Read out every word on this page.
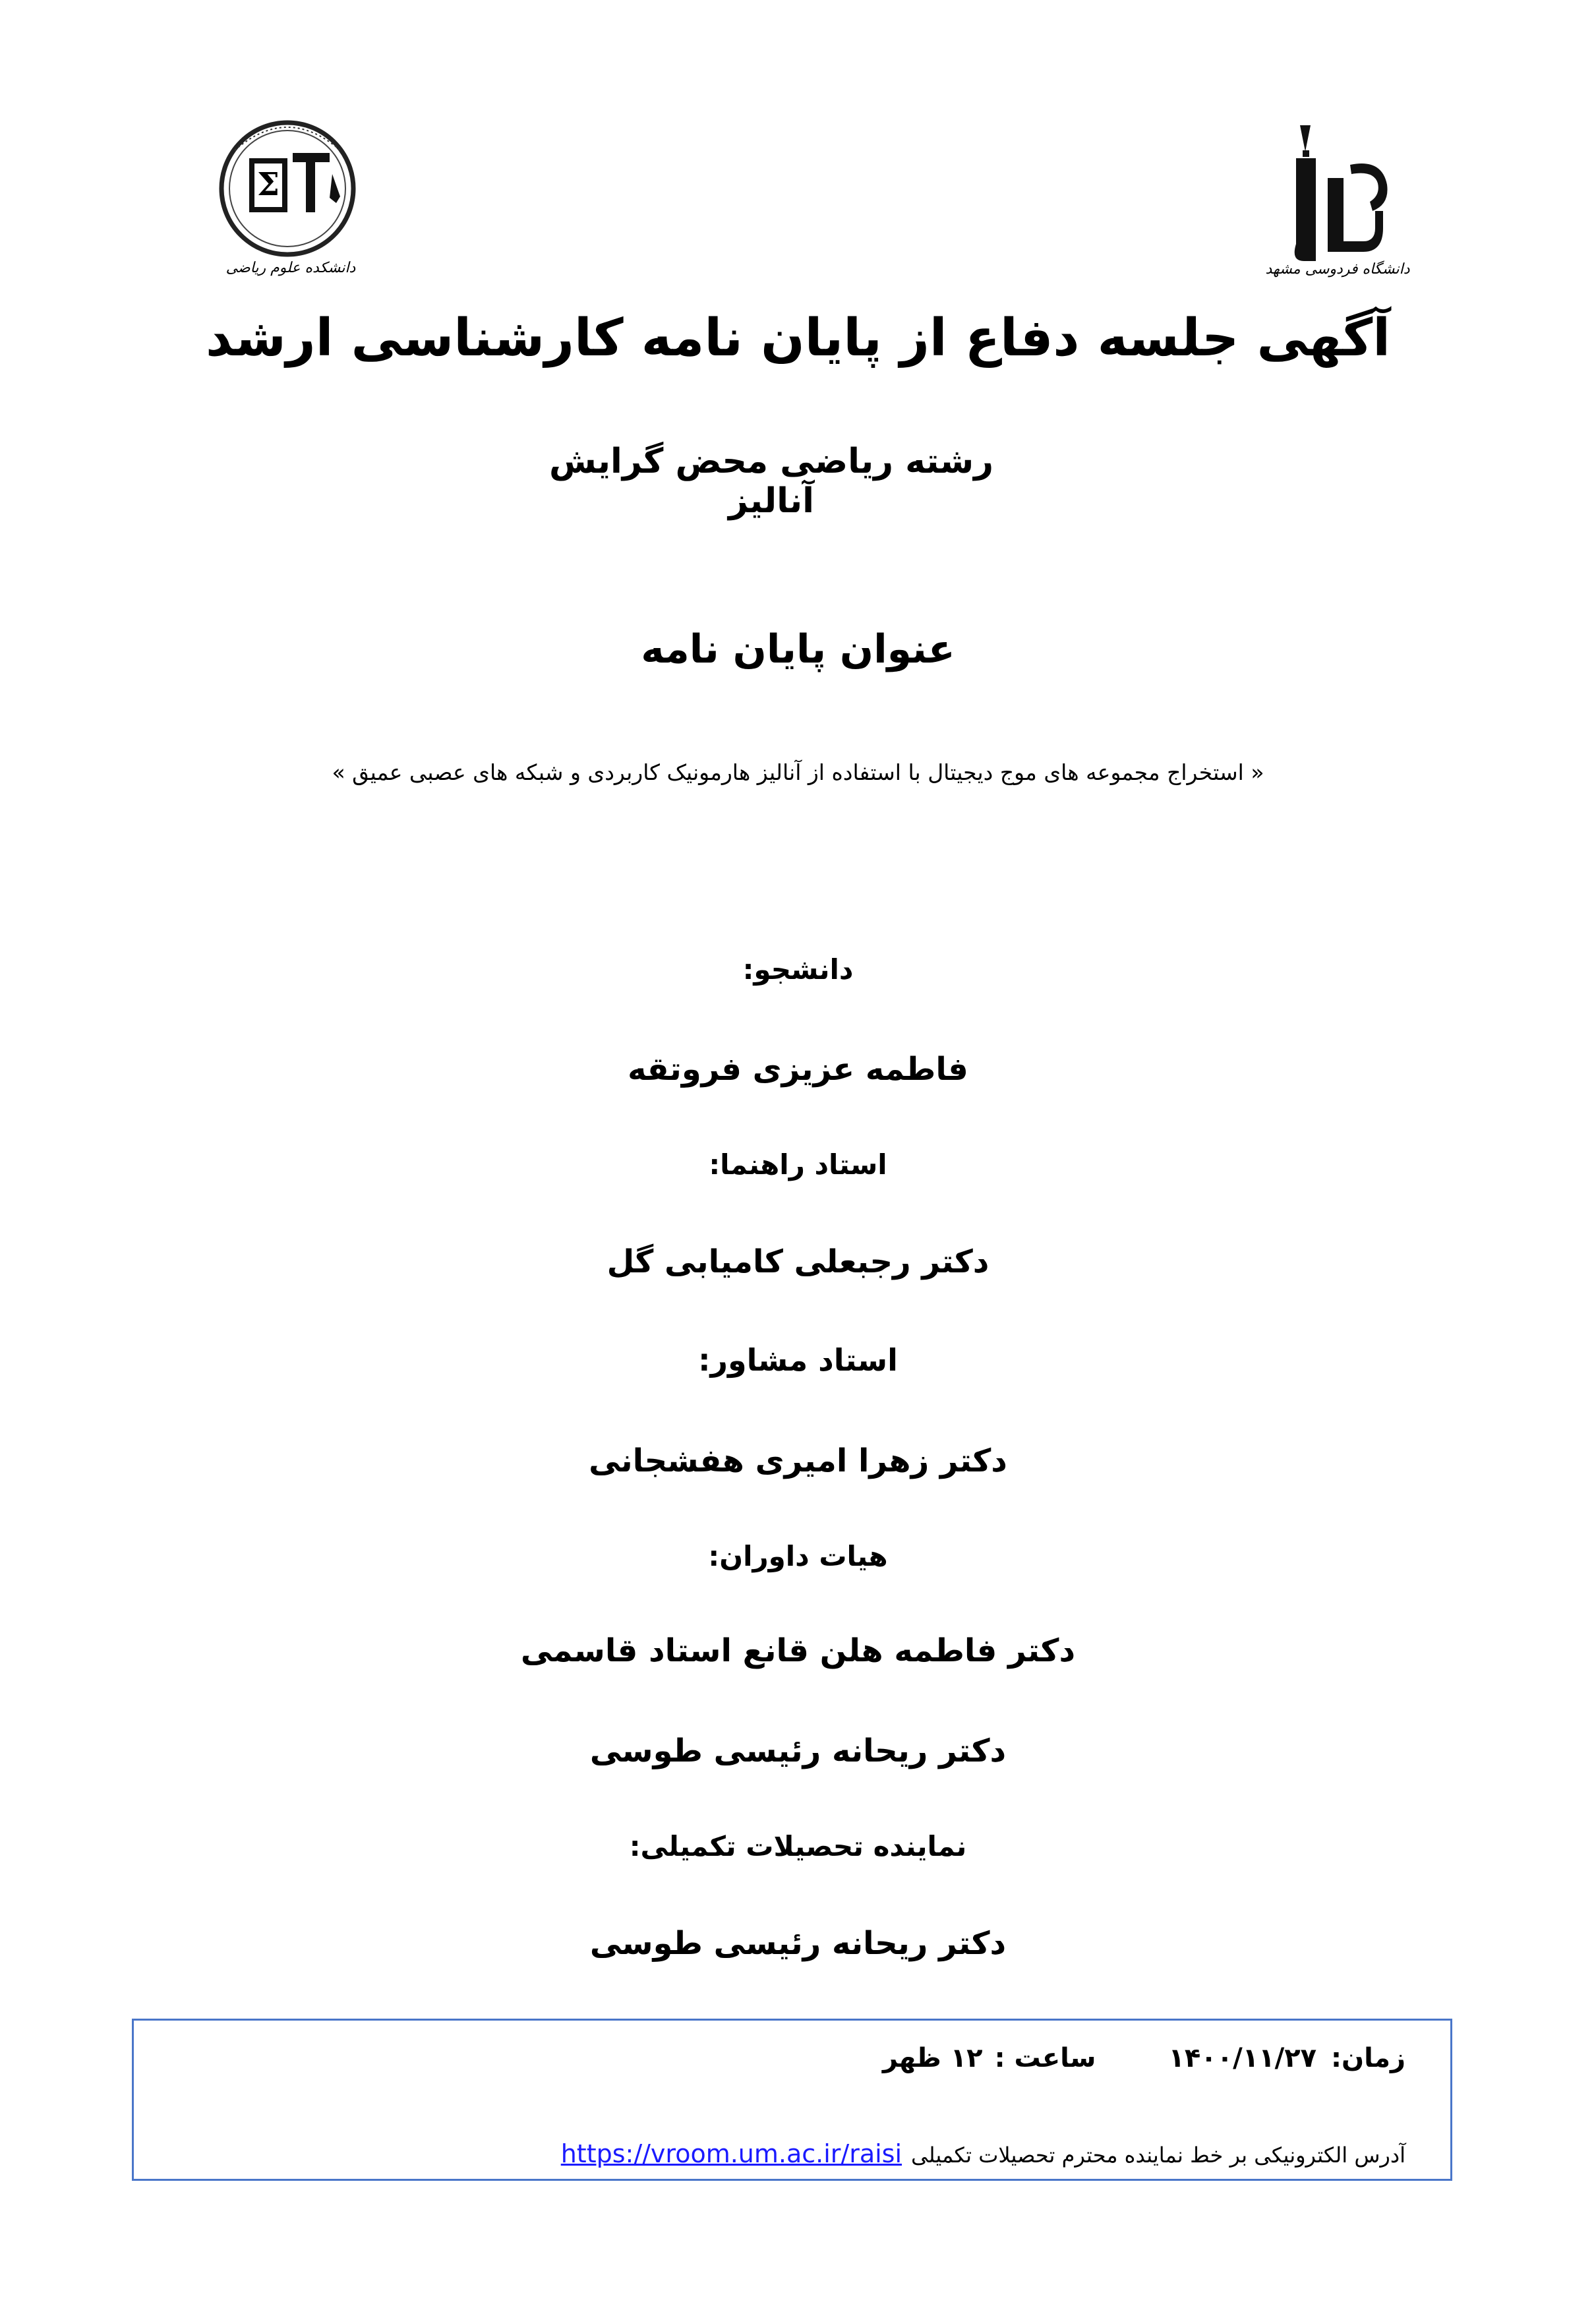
Σ
دانشکده علوم ریاضی	دانشگاه فردوسی مشهد
آگهی جلسه دفاع از پایان نامه کارشناسی ارشد
رشته ریاضی محض گرایش آنالیز
عنوان پایان نامه
« استخراج مجموعه های موج دیجیتال با استفاده از آنالیز هارمونیک کاربردی و شبکه های عصبی عمیق »
دانشجو:
فاطمه عزیزی فروتقه
استاد راهنما:
دکتر رجبعلی کامیابی گل
استاد مشاور:
دکتر زهرا امیری هفشجانی
هیات داوران:
دکتر فاطمه هلن قانع استاد قاسمی
دکتر ریحانه رئیسی طوسی
نماینده تحصیلات تکمیلی:
دکتر ریحانه رئیسی طوسی
زمان:
۱۴۰۰/۱۱/۲۷
ساعت :
۱۲ ظهر
آدرس الکترونیکی بر خط نماینده محترم تحصیلات تکمیلی
https://vroom.um.ac.ir/raisi
